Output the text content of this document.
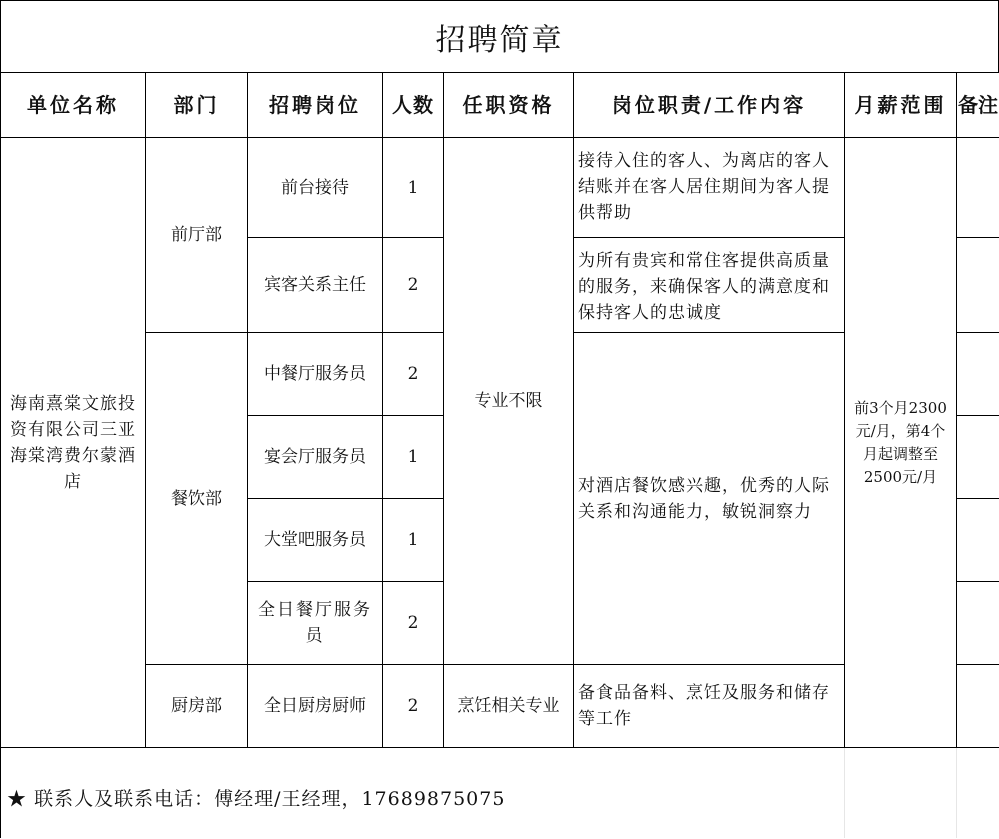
招聘简章
单位名称	部门	招聘岗位	人数	任职资格	岗位职责/工作内容	月薪范围	备注
海南熹棠文旅投资有限公司三亚海棠湾费尔蒙酒店	前厅部	前台接待	1	专业不限	接待入住的客人、为离店的客人结账并在客人居住期间为客人提供帮助	前3个月2300元/月，第4个月起调整至2500元/月	
		宾客关系主任	2		为所有贵宾和常住客提供高质量的服务，来确保客人的满意度和保持客人的忠诚度		
	餐饮部	中餐厅服务员	2		对酒店餐饮感兴趣，优秀的人际关系和沟通能力，敏锐洞察力		
		宴会厅服务员	1				
		大堂吧服务员	1				
		全日餐厅服务员	2				
	厨房部	全日厨房厨师	2	烹饪相关专业	备食品备料、烹饪及服务和储存等工作		
★ 联系人及联系电话：傅经理/王经理，17689875075
